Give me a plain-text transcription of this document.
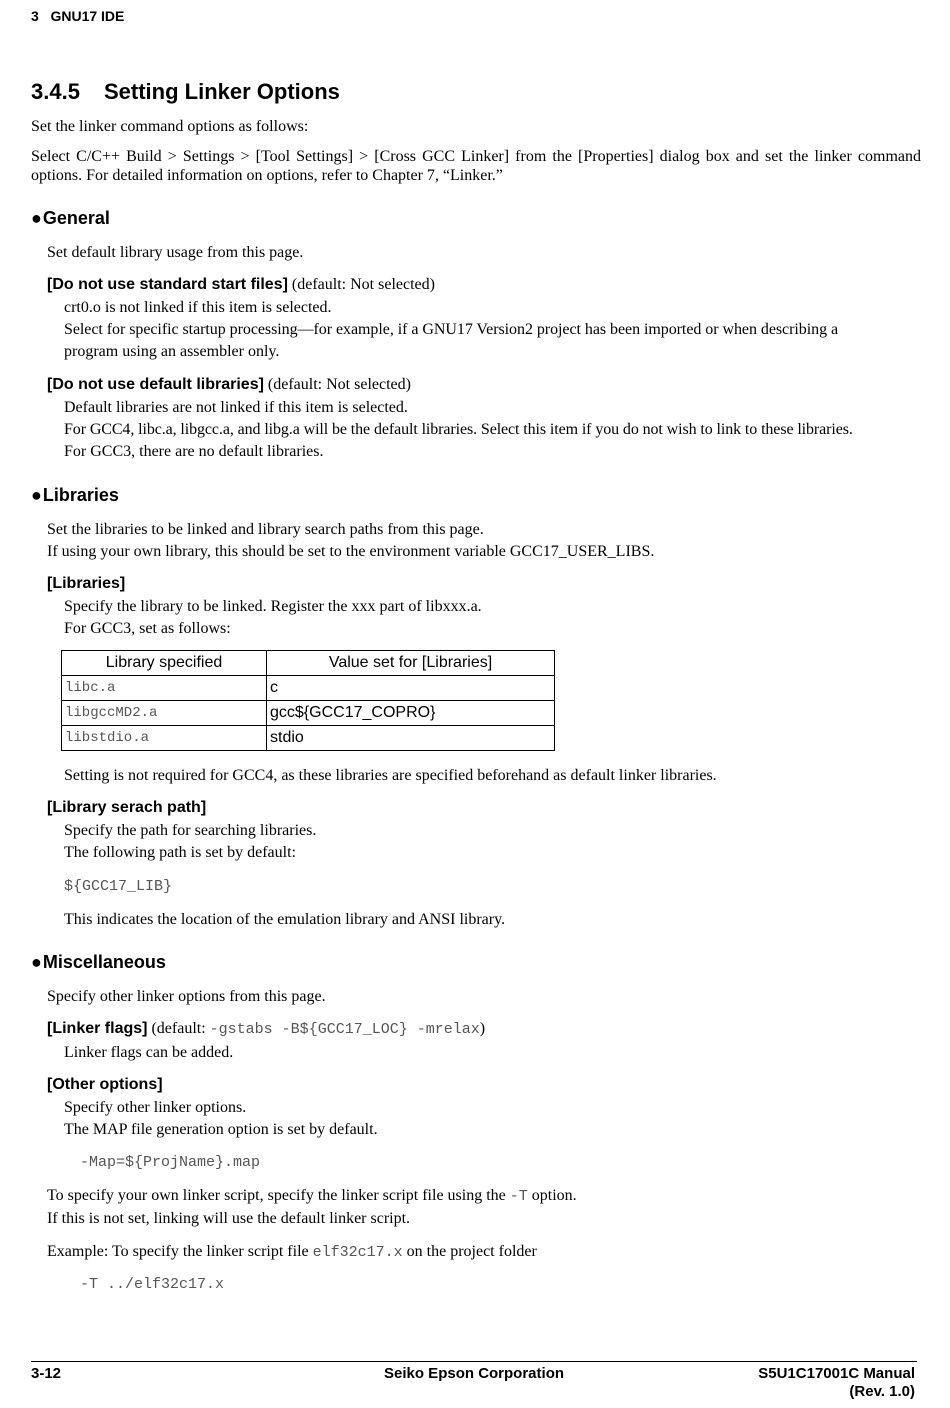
3   GNU17 IDE
3.4.5 Setting Linker Options
Set the linker command options as follows:
Select C/C++ Build > Settings > [Tool Settings] > [Cross GCC Linker] from the [Properties] dialog box and set the linker command
options. For detailed information on options, refer to Chapter 7, “Linker.”
●General
Set default library usage from this page.
[Do not use standard start files] (default: Not selected)
crt0.o is not linked if this item is selected.
Select for specific startup processing—for example, if a GNU17 Version2 project has been imported or when describing a
program using an assembler only.
[Do not use default libraries] (default: Not selected)
Default libraries are not linked if this item is selected.
For GCC4, libc.a, libgcc.a, and libg.a will be the default libraries. Select this item if you do not wish to link to these libraries.
For GCC3, there are no default libraries.
●Libraries
Set the libraries to be linked and library search paths from this page.
If using your own library, this should be set to the environment variable GCC17_USER_LIBS.
[Libraries]
Specify the library to be linked. Register the xxx part of libxxx.a.
For GCC3, set as follows:
Library specified	Value set for [Libraries]
libc.a	c
libgccMD2.a	gcc${GCC17_COPRO}
libstdio.a	stdio
Setting is not required for GCC4, as these libraries are specified beforehand as default linker libraries.
[Library serach path]
Specify the path for searching libraries.
The following path is set by default:
${GCC17_LIB}
This indicates the location of the emulation library and ANSI library.
●Miscellaneous
Specify other linker options from this page.
[Linker flags] (default: -gstabs -B${GCC17_LOC} -mrelax)
Linker flags can be added.
[Other options]
Specify other linker options.
The MAP file generation option is set by default.
-Map=${ProjName}.map
To specify your own linker script, specify the linker script file using the -T option.
If this is not set, linking will use the default linker script.
Example: To specify the linker script file elf32c17.x on the project folder
-T ../elf32c17.x
3-12	Seiko Epson Corporation	S5U1C17001C Manual
(Rev. 1.0)
